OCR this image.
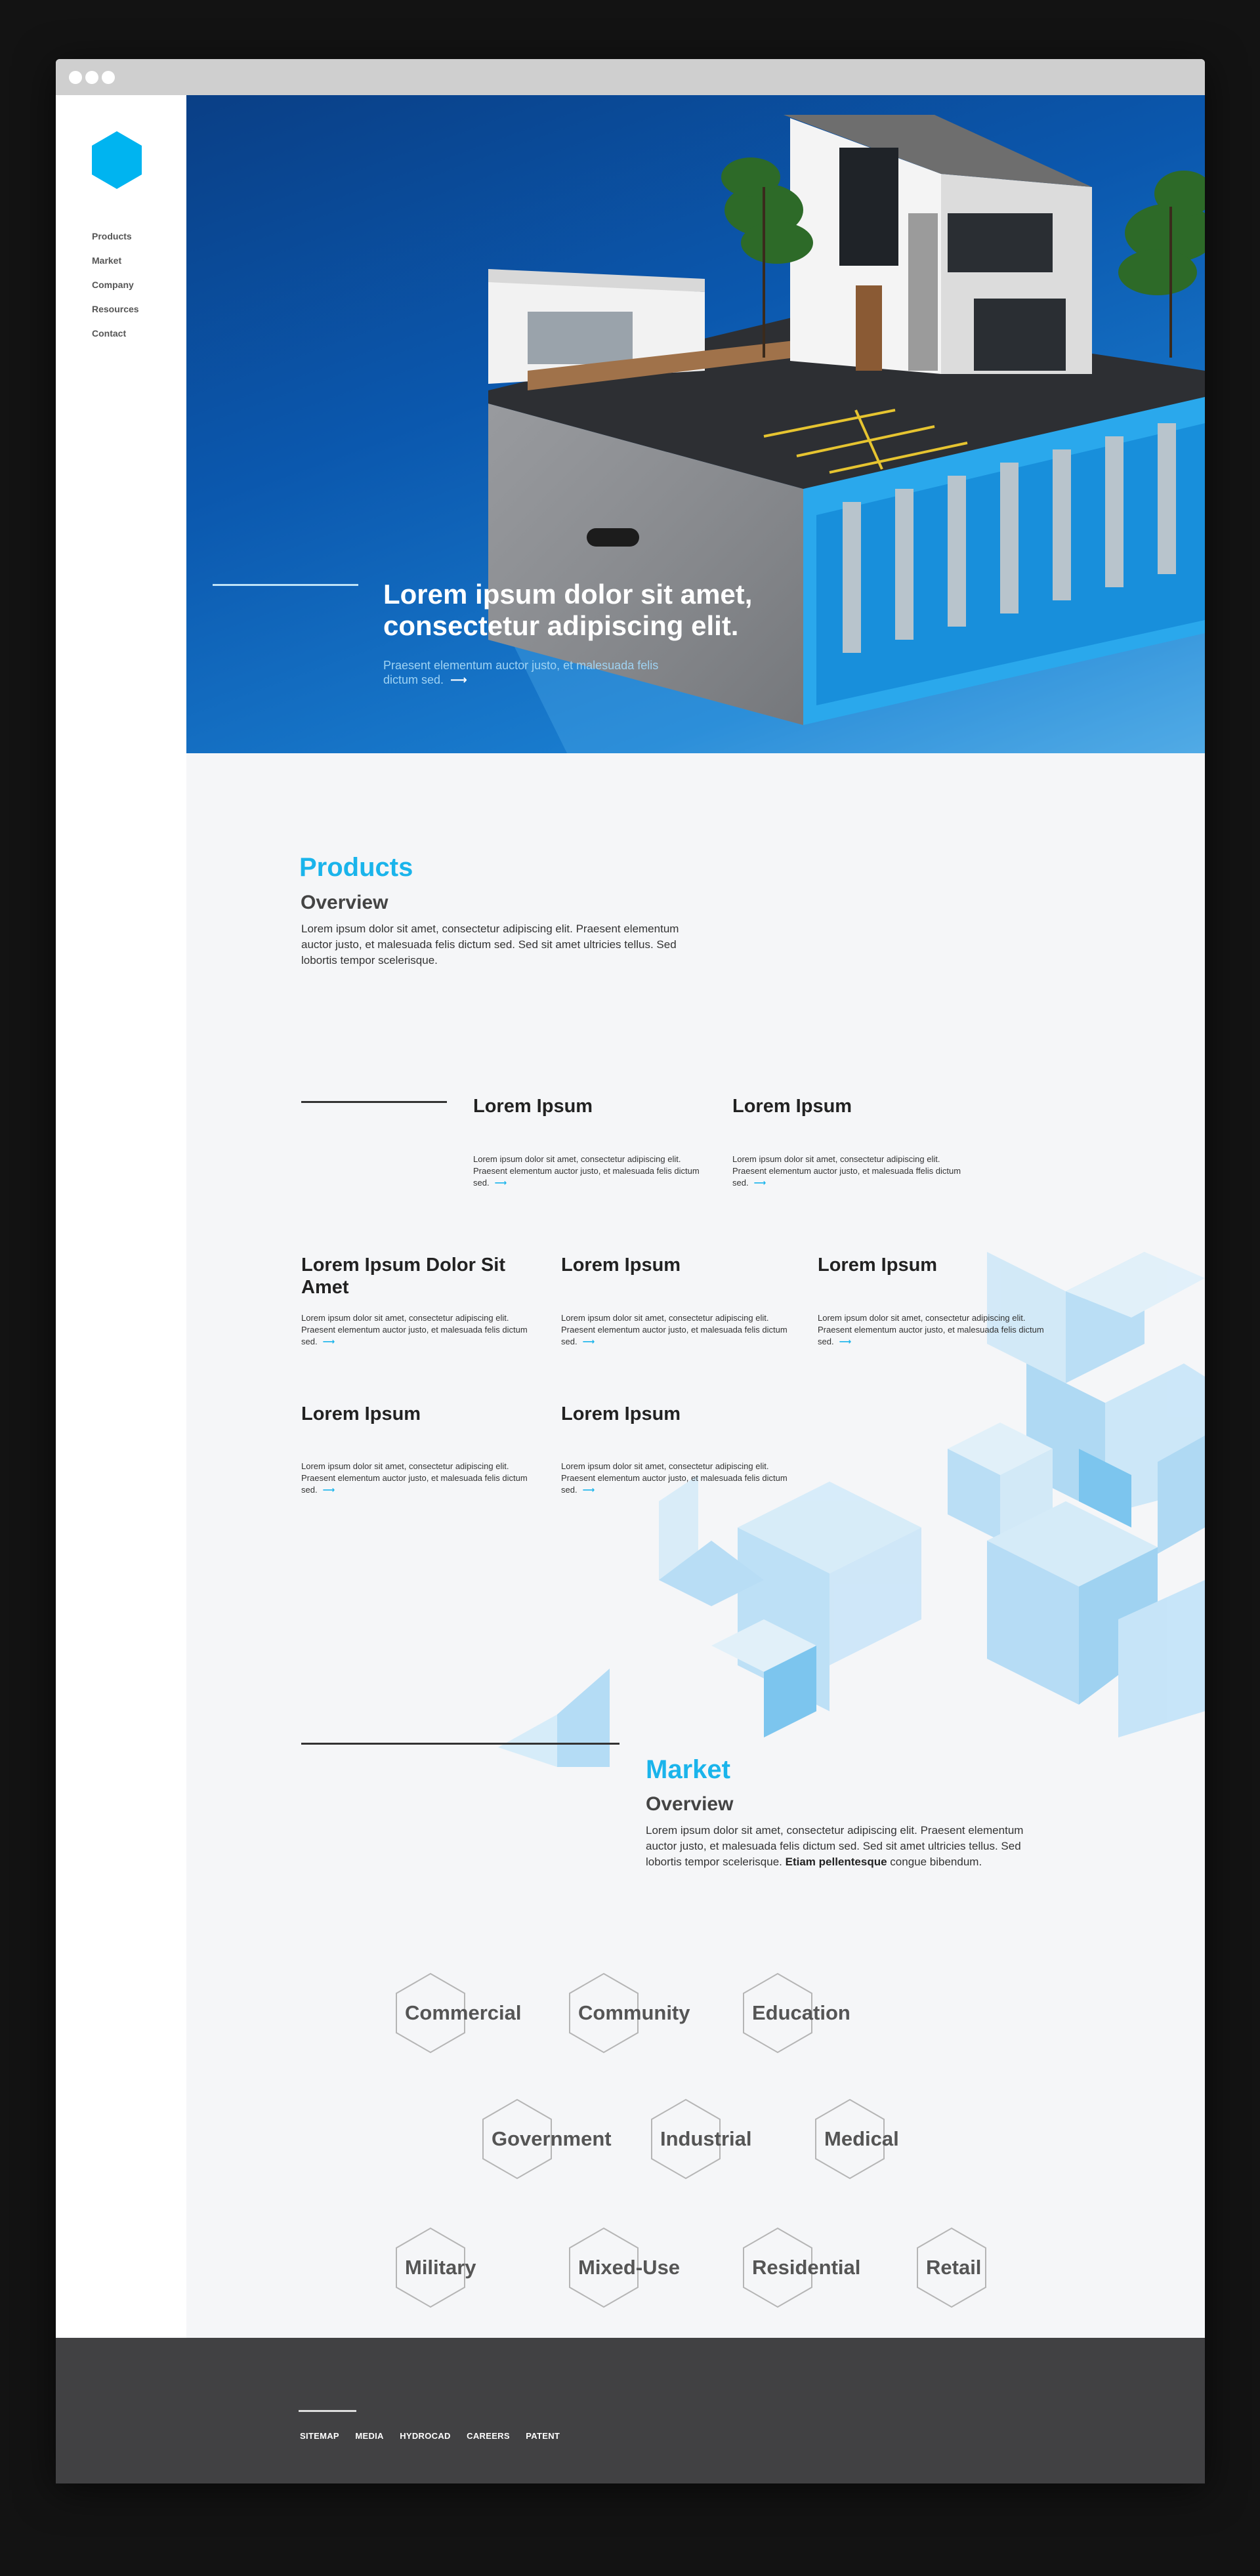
Products
Market
Company
Resources
Contact
Lorem ipsum dolor sit amet, consectetur adipiscing elit.

Praesent elementum auctor justo, et malesuada felis dictum sed. ⟶

Products
Overview

Lorem ipsum dolor sit amet, consectetur adipiscing elit. Praesent elementum auctor justo, et malesuada felis dictum sed. Sed sit amet ultricies tellus. Sed lobortis tempor scelerisque.

Lorem Ipsum

Lorem ipsum dolor sit amet, consectetur adipiscing elit. Praesent elementum auctor justo, et malesuada felis dictum sed. ⟶

Lorem Ipsum

Lorem ipsum dolor sit amet, consectetur adipiscing elit. Praesent elementum auctor justo, et malesuada ffelis dictum sed. ⟶

Lorem Ipsum Dolor Sit Amet

Lorem ipsum dolor sit amet, consectetur adipiscing elit. Praesent elementum auctor justo, et malesuada felis dictum sed. ⟶

Lorem Ipsum

Lorem ipsum dolor sit amet, consectetur adipiscing elit. Praesent elementum auctor justo, et malesuada felis dictum sed. ⟶

Lorem Ipsum

Lorem ipsum dolor sit amet, consectetur adipiscing elit. Praesent elementum auctor justo, et malesuada felis dictum sed. ⟶

Lorem Ipsum

Lorem ipsum dolor sit amet, consectetur adipiscing elit. Praesent elementum auctor justo, et malesuada felis dictum sed. ⟶

Lorem Ipsum

Lorem ipsum dolor sit amet, consectetur adipiscing elit. Praesent elementum auctor justo, et malesuada felis dictum sed. ⟶

Market
Overview

Lorem ipsum dolor sit amet, consectetur adipiscing elit. Praesent elementum auctor justo, et malesuada felis dictum sed. Sed sit amet ultricies tellus. Sed lobortis tempor scelerisque. Etiam pellentesque congue bibendum.

Commercial	Community	Education
Government Industrial	Medical
Military	Mixed-Use	Residential	Retail
SITEMAP MEDIA HYDROCAD CAREERS PATENT
